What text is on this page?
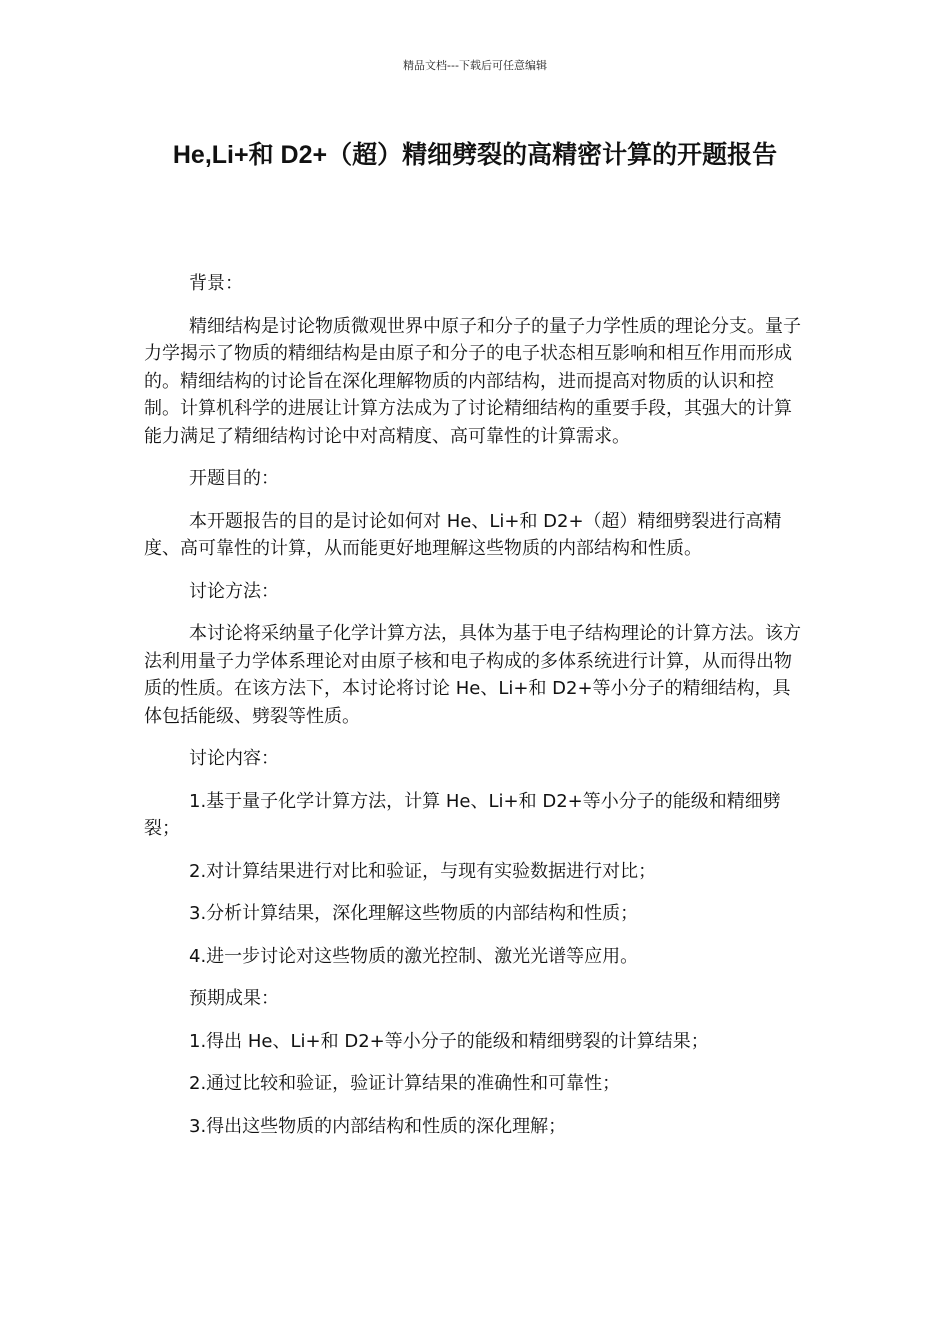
精品文档---下载后可任意编辑
He,Li+和 D2+（超）精细劈裂的高精密计算的开题报告

背景：

精细结构是讨论物质微观世界中原子和分子的量子力学性质的理论分支。量子力学揭示了物质的精细结构是由原子和分子的电子状态相互影响和相互作用而形成的。精细结构的讨论旨在深化理解物质的内部结构，进而提高对物质的认识和控制。计算机科学的进展让计算方法成为了讨论精细结构的重要手段，其强大的计算能力满足了精细结构讨论中对高精度、高可靠性的计算需求。

开题目的：

本开题报告的目的是讨论如何对 He、Li+和 D2+（超）精细劈裂进行高精度、高可靠性的计算，从而能更好地理解这些物质的内部结构和性质。

讨论方法：

本讨论将采纳量子化学计算方法，具体为基于电子结构理论的计算方法。该方法利用量子力学体系理论对由原子核和电子构成的多体系统进行计算，从而得出物质的性质。在该方法下，本讨论将讨论 He、Li+和 D2+等小分子的精细结构，具体包括能级、劈裂等性质。

讨论内容：

1.基于量子化学计算方法，计算 He、Li+和 D2+等小分子的能级和精细劈裂；

2.对计算结果进行对比和验证，与现有实验数据进行对比；

3.分析计算结果，深化理解这些物质的内部结构和性质；

4.进一步讨论对这些物质的激光控制、激光光谱等应用。

预期成果：

1.得出 He、Li+和 D2+等小分子的能级和精细劈裂的计算结果；

2.通过比较和验证，验证计算结果的准确性和可靠性；

3.得出这些物质的内部结构和性质的深化理解；
